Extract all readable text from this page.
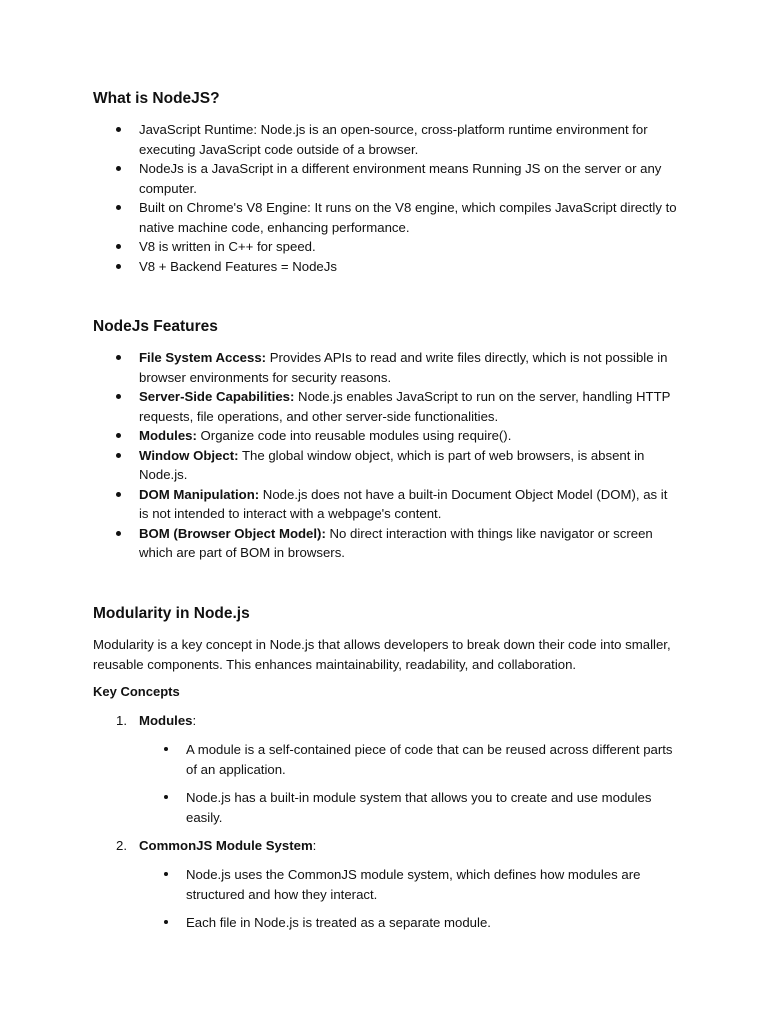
What is NodeJS?
JavaScript Runtime: Node.js is an open-source, cross-platform runtime environment for executing JavaScript code outside of a browser.
NodeJs is a JavaScript in a different environment means Running JS on the server or any computer.
Built on Chrome's V8 Engine: It runs on the V8 engine, which compiles JavaScript directly to native machine code, enhancing performance.
V8 is written in C++ for speed.
V8 + Backend Features = NodeJs
NodeJs Features
File System Access: Provides APIs to read and write files directly, which is not possible in browser environments for security reasons.
Server-Side Capabilities: Node.js enables JavaScript to run on the server, handling HTTP requests, file operations, and other server-side functionalities.
Modules: Organize code into reusable modules using require().
Window Object: The global window object, which is part of web browsers, is absent in Node.js.
DOM Manipulation: Node.js does not have a built-in Document Object Model (DOM), as it is not intended to interact with a webpage's content.
BOM (Browser Object Model): No direct interaction with things like navigator or screen which are part of BOM in browsers.
Modularity in Node.js

Modularity is a key concept in Node.js that allows developers to break down their code into smaller, reusable components. This enhances maintainability, readability, and collaboration.

Key Concepts

1. Modules:
A module is a self-contained piece of code that can be reused across different parts of an application.
Node.js has a built-in module system that allows you to create and use modules easily.
2. CommonJS Module System:
Node.js uses the CommonJS module system, which defines how modules are structured and how they interact.
Each file in Node.js is treated as a separate module.
